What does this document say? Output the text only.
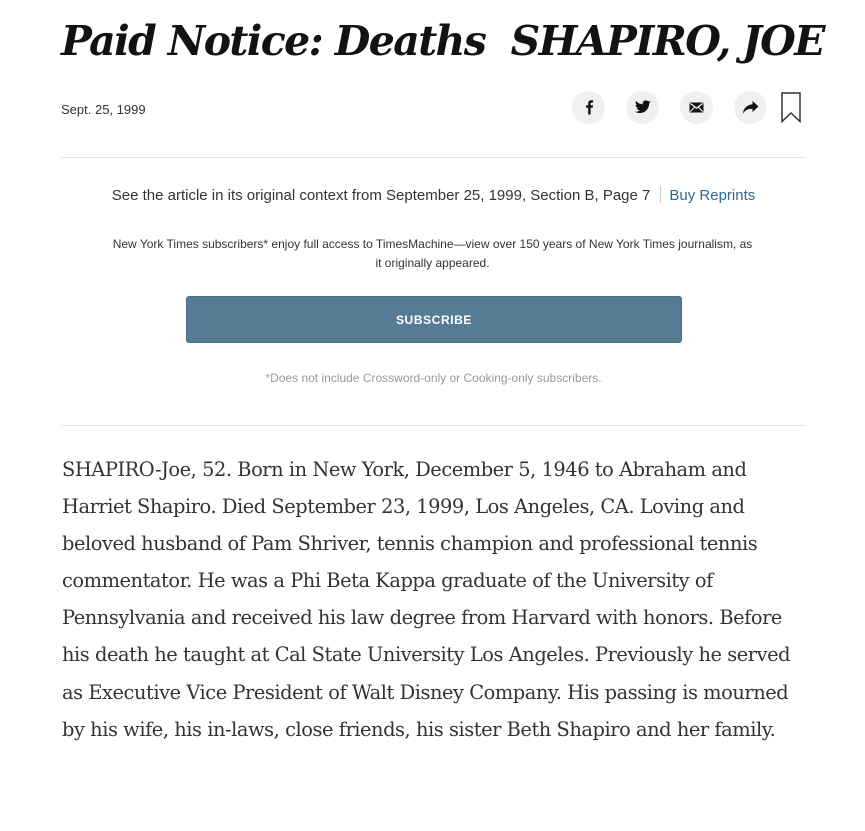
Paid Notice: Deaths  SHAPIRO, JOE
Sept. 25, 1999
See the article in its original context from September 25, 1999, Section B, Page 7 Buy Reprints
New York Times subscribers* enjoy full access to TimesMachine—view over 150 years of New York Times journalism, as it originally appeared.
SUBSCRIBE
*Does not include Crossword-only or Cooking-only subscribers.

SHAPIRO-Joe, 52. Born in New York, December 5, 1946 to Abraham and Harriet Shapiro. Died September 23, 1999, Los Angeles, CA. Loving and beloved husband of Pam Shriver, tennis champion and professional tennis commentator. He was a Phi Beta Kappa graduate of the University of Pennsylvania and received his law degree from Harvard with honors. Before his death he taught at Cal State University Los Angeles. Previously he served as Executive Vice President of Walt Disney Company. His passing is mourned by his wife, his in-laws, close friends, his sister Beth Shapiro and her family.
